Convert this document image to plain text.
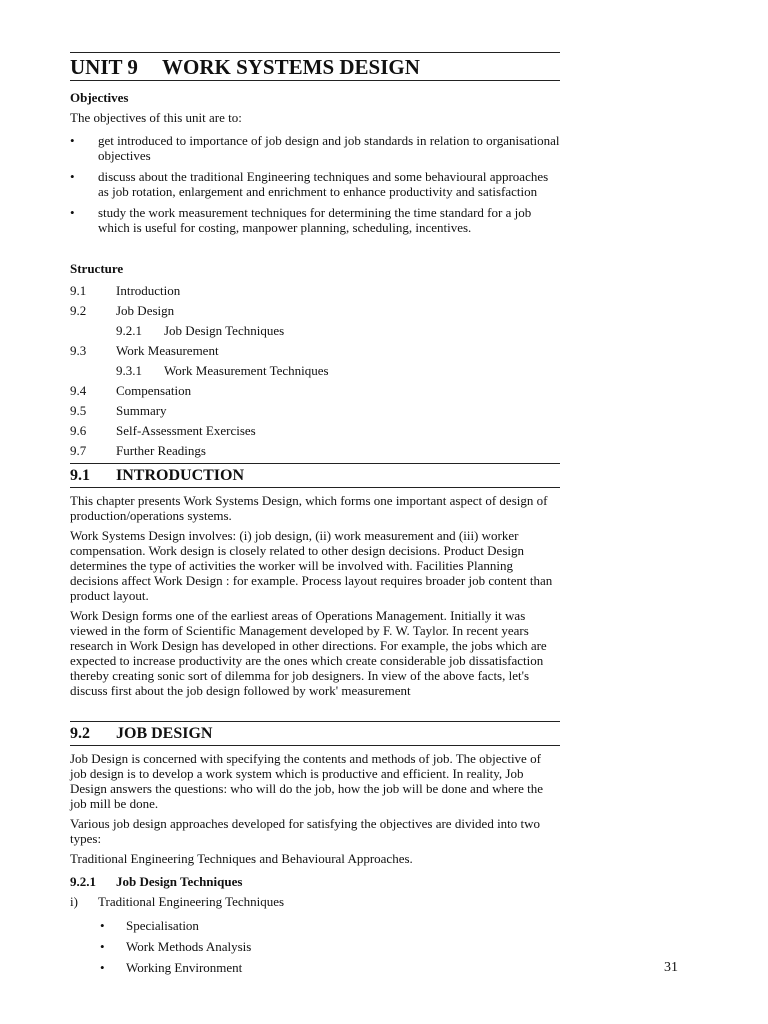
UNIT 9 WORK SYSTEMS DESIGN
Objectives
The objectives of this unit are to:
• get introduced to importance of job design and job standards in relation to organisational objectives
• discuss about the traditional Engineering techniques and some behavioural approaches as job rotation, enlargement and enrichment to enhance productivity and satisfaction
• study the work measurement techniques for determining the time standard for a job which is useful for costing, manpower planning, scheduling, incentives.
Structure
9.1 Introduction
9.2 Job Design
9.2.1 Job Design Techniques
9.3 Work Measurement
9.3.1 Work Measurement Techniques
9.4 Compensation
9.5 Summary
9.6 Self-Assessment Exercises
9.7 Further Readings
9.1 INTRODUCTION
This chapter presents Work Systems Design, which forms one important aspect of design of production/operations systems.
Work Systems Design involves: (i) job design, (ii) work measurement and (iii) worker compensation. Work design is closely related to other design decisions. Product Design determines the type of activities the worker will be involved with. Facilities Planning decisions affect Work Design : for example. Process layout requires broader job content than product layout.
Work Design forms one of the earliest areas of Operations Management. Initially it was viewed in the form of Scientific Management developed by F. W. Taylor. In recent years research in Work Design has developed in other directions. For example, the jobs which are expected to increase productivity are the ones which create considerable job dissatisfaction thereby creating sonic sort of dilemma for job designers. In view of the above facts, let's discuss first about the job design followed by work' measurement
9.2 JOB DESIGN
Job Design is concerned with specifying the contents and methods of job. The objective of job design is to develop a work system which is productive and efficient. In reality, Job Design answers the questions: who will do the job, how the job will be done and where the job mill be done.
Various job design approaches developed for satisfying the objectives are divided into two types:
Traditional Engineering Techniques and Behavioural Approaches.
9.2.1 Job Design Techniques
i) Traditional Engineering Techniques
• Specialisation
• Work Methods Analysis
• Working Environment	31
